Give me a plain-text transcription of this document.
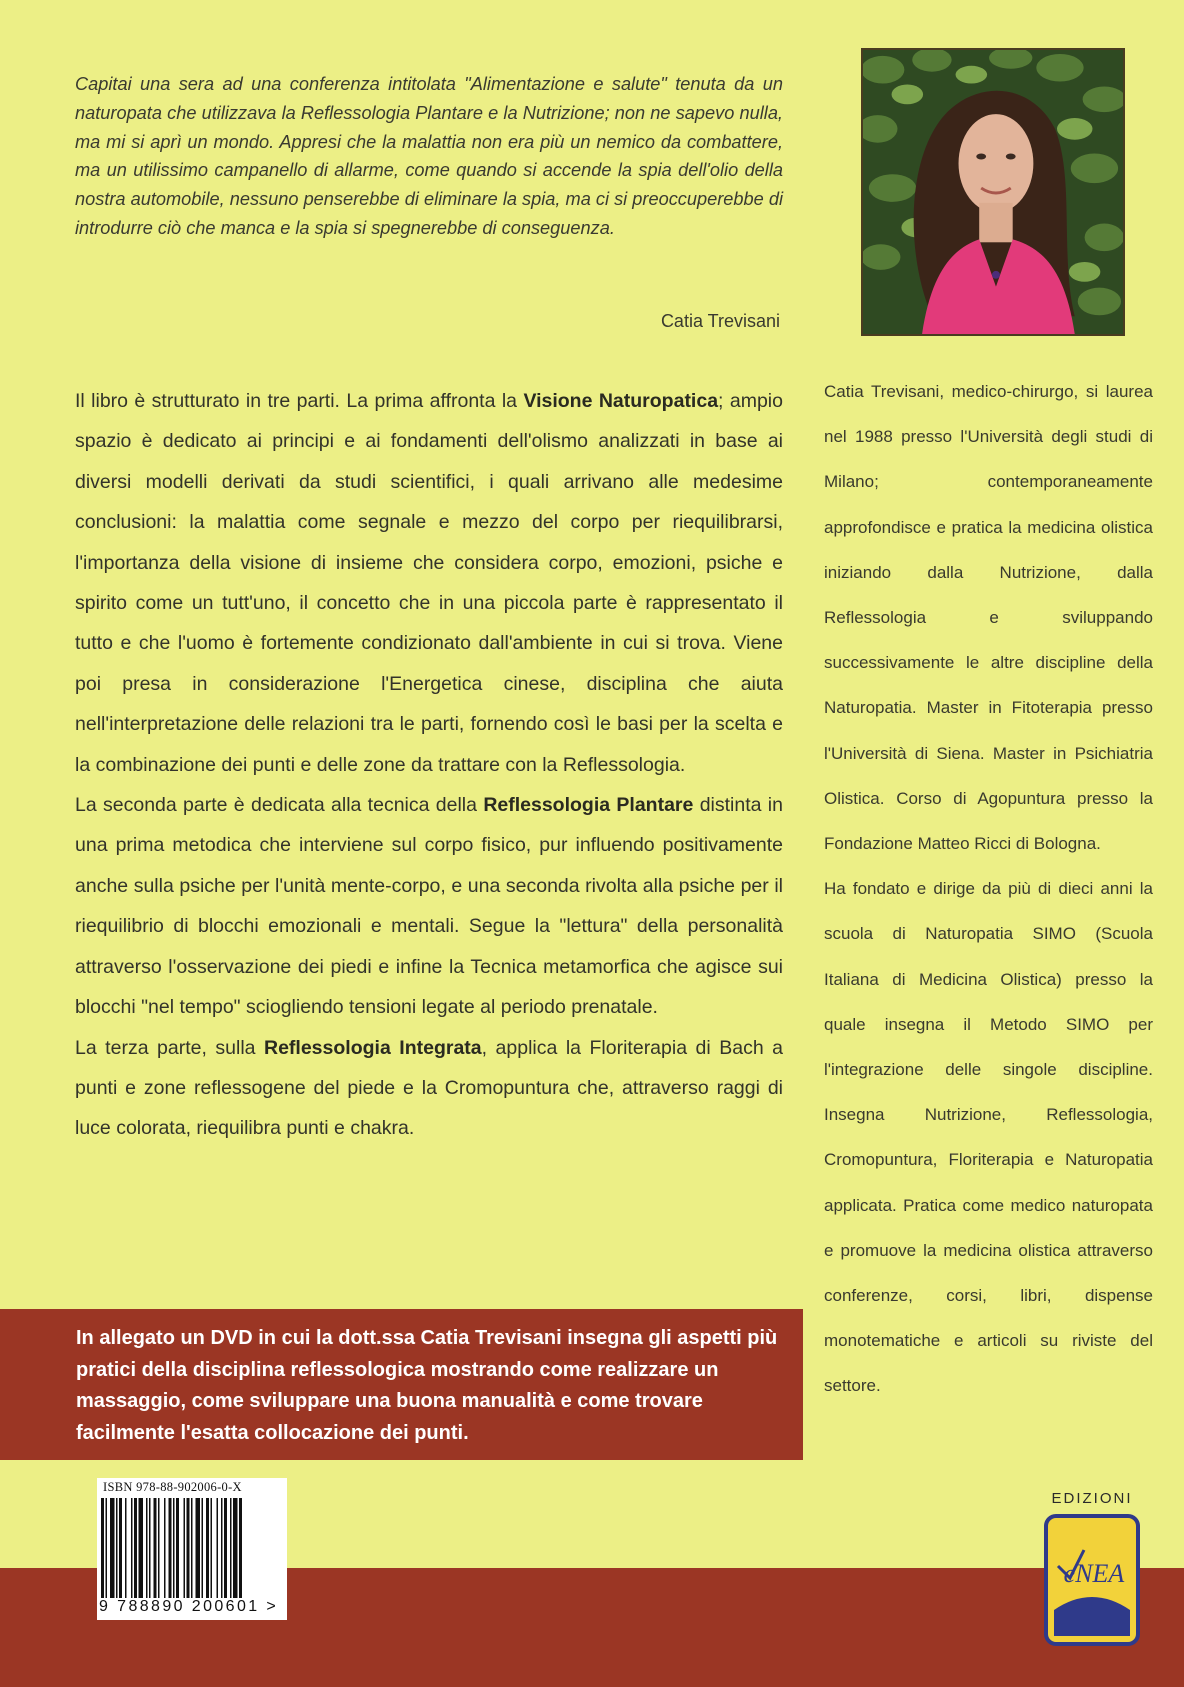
Capitai una sera ad una conferenza intitolata "Alimentazione e salute" tenuta da un naturopata che utilizzava la Reflessologia Plantare e la Nutrizione; non ne sapevo nulla, ma mi si aprì un mondo. Appresi che la malattia non era più un nemico da combattere, ma un utilissimo campanello di allarme, come quando si accende la spia dell'olio della nostra automobile, nessuno penserebbe di eliminare la spia, ma ci si preoccuperebbe di introdurre ciò che manca e la spia si spegnerebbe di conseguenza.
Catia Trevisani

Il libro è strutturato in tre parti. La prima affronta la Visione Naturopatica; ampio spazio è dedicato ai principi e ai fondamenti dell'olismo analizzati in base ai diversi modelli derivati da studi scientifici, i quali arrivano alle medesime conclusioni: la malattia come segnale e mezzo del corpo per riequilibrarsi, l'importanza della visione di insieme che considera corpo, emozioni, psiche e spirito come un tutt'uno, il concetto che in una piccola parte è rappresentato il tutto e che l'uomo è fortemente condizionato dall'ambiente in cui si trova. Viene poi presa in considerazione l'Energetica cinese, disciplina che aiuta nell'interpretazione delle relazioni tra le parti, fornendo così le basi per la scelta e la combinazione dei punti e delle zone da trattare con la Reflessologia.

La seconda parte è dedicata alla tecnica della Reflessologia Plantare distinta in una prima metodica che interviene sul corpo fisico, pur influendo positivamente anche sulla psiche per l'unità mente-corpo, e una seconda rivolta alla psiche per il riequilibrio di blocchi emozionali e mentali. Segue la "lettura" della personalità attraverso l'osservazione dei piedi e infine la Tecnica metamorfica che agisce sui blocchi "nel tempo" sciogliendo tensioni legate al periodo prenatale.

La terza parte, sulla Reflessologia Integrata, applica la Floriterapia di Bach a punti e zone reflessogene del piede e la Cromopuntura che, attraverso raggi di luce colorata, riequilibra punti e chakra.

Catia Trevisani, medico-chirurgo, si laurea nel 1988 presso l'Università degli studi di Milano; contemporaneamente approfondisce e pratica la medicina olistica iniziando dalla Nutrizione, dalla Reflessologia e sviluppando successivamente le altre discipline della Naturopatia. Master in Fitoterapia presso l'Università di Siena. Master in Psichiatria Olistica. Corso di Agopuntura presso la Fondazione Matteo Ricci di Bologna.

Ha fondato e dirige da più di dieci anni la scuola di Naturopatia SIMO (Scuola Italiana di Medicina Olistica) presso la quale insegna il Metodo SIMO per l'integrazione delle singole discipline. Insegna Nutrizione, Reflessologia, Cromopuntura, Floriterapia e Naturopatia applicata. Pratica come medico naturopata e promuove la medicina olistica attraverso conferenze, corsi, libri, dispense monotematiche e articoli su riviste del settore.

In allegato un DVD in cui la dott.ssa Catia Trevisani insegna gli aspetti più pratici della disciplina reflessologica mostrando come realizzare un massaggio, come sviluppare una buona manualità e come trovare facilmente l'esatta collocazione dei punti.
ISBN 978-88-902006-0-X
9 788890 200601 >
EDIZIONI
eNEA
